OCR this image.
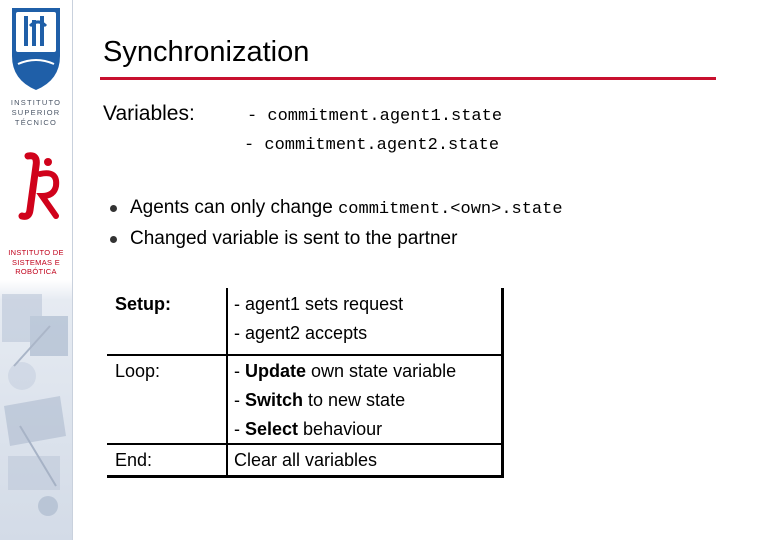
INSTITUTO
SUPERIOR
TÉCNICO
INSTITUTO DE
SISTEMAS E
ROBÓTICA
Synchronization
Variables:	- commitment.agent1.state
- commitment.agent2.state
Agents can only change commitment.<own>.state
Changed variable is sent to the partner
Setup:	- agent1 sets request
- agent2 accepts
Loop:	- Update own state variable
- Switch to new state
- Select behaviour
End:	Clear all variables
